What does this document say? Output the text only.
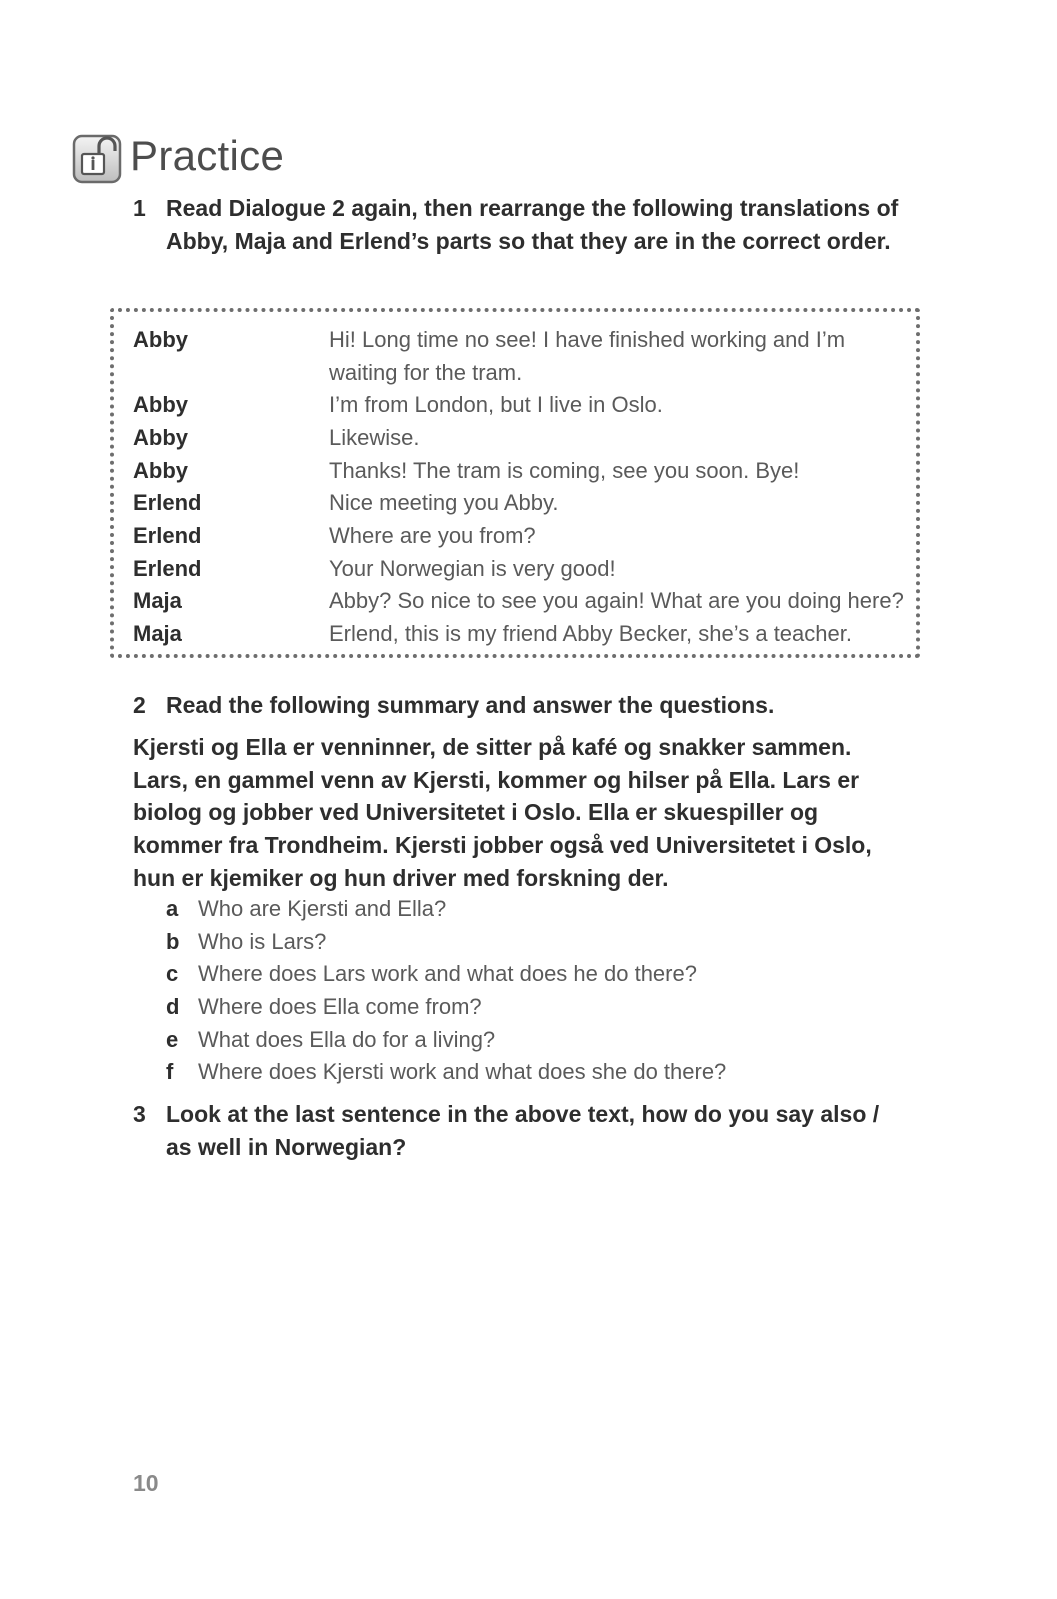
Practice
1 Read Dialogue 2 again, then rearrange the following translations of Abby, Maja and Erlend’s parts so that they are in the correct order.
Abby	Hi! Long time no see! I have finished working and I’m waiting for the tram.
Abby	I’m from London, but I live in Oslo.
Abby	Likewise.
Abby	Thanks! The tram is coming, see you soon. Bye!
Erlend	Nice meeting you Abby.
Erlend	Where are you from?
Erlend	Your Norwegian is very good!
Maja	Abby? So nice to see you again! What are you doing here?
Maja	Erlend, this is my friend Abby Becker, she’s a teacher.
2 Read the following summary and answer the questions.
Kjersti og Ella er venninner, de sitter på kafé og snakker sammen. Lars, en gammel venn av Kjersti, kommer og hilser på Ella. Lars er biolog og jobber ved Universitetet i Oslo. Ella er skuespiller og kommer fra Trondheim. Kjersti jobber også ved Universitetet i Oslo, hun er kjemiker og hun driver med forskning der.
a Who are Kjersti and Ella?
b Who is Lars?
c Where does Lars work and what does he do there?
d Where does Ella come from?
e What does Ella do for a living?
f Where does Kjersti work and what does she do there?
3 Look at the last sentence in the above text, how do you say also / as well in Norwegian?
10
